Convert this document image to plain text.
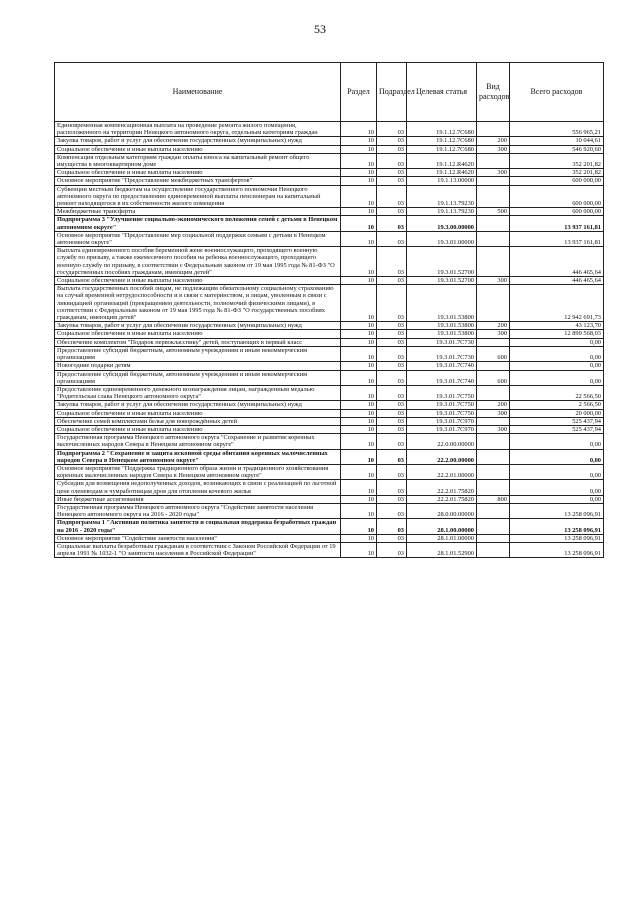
53
Наименование	Раздел	Подраздел	Целевая статья	Вид расходов	Всего расходов
Единовременная компенсационная выплата на проведение ремонта жилого помещения, расположенного на территории Ненецкого автономного округа, отдельным категориям граждан	10	03	19.1.12.7С680		556 965,21
Закупка товаров, работ и услуг для обеспечения государственных (муниципальных) нужд	10	03	19.1.12.7С680	200	10 044,61
Социальное обеспечение и иные выплаты населению	10	03	19.1.12.7С680	300	546 920,60
Компенсация отдельным категориям граждан оплаты взноса на капитальный ремонт общего имущества в многоквартирном доме	10	03	19.1.12.R4620		352 201,82
Социальное обеспечение и иные выплаты населению	10	03	19.1.12.R4620	300	352 201,82
Основное мероприятие "Предоставление межбюджетных трансфертов"	10	03	19.1.13.00000		600 000,00
Субвенции местным бюджетам на осуществление государственного полномочия Ненецкого автономного округа по предоставлению единовременной выплаты пенсионерам на капитальный ремонт находящегося в их собственности жилого помещения	10	03	19.1.13.79230		600 000,00
Межбюджетные трансферты	10	03	19.1.13.79230	500	600 000,00
Подпрограмма 3 "Улучшение социально-экономического положения семей с детьми в Ненецком автономном округе"	10	03	19.3.00.00000		13 937 161,81
Основное мероприятие "Предоставление мер социальной поддержки семьям с детьми в Ненецком автономном округе"	10	03	19.3.01.00000		13 937 161,81
Выплата единовременного пособия беременной жене военнослужащего, проходящего военную службу по призыву, а также ежемесячного пособия на ребенка военнослужащего, проходящего военную службу по призыву, в соответствии с Федеральным законом от 19 мая 1995 года № 81-ФЗ "О государственных пособиях гражданам, имеющим детей"	10	03	19.3.01.52700		446 465,64
Социальное обеспечение и иные выплаты населению	10	03	19.3.01.52700	300	446 465,64
Выплата государственных пособий лицам, не подлежащим обязательному социальному страхованию на случай временной нетрудоспособности и в связи с материнством, и лицам, уволенным в связи с ликвидацией организаций (прекращением деятельности, полномочий физическими лицами), в соответствии с Федеральным законом от 19 мая 1995 года № 81-ФЗ "О государственных пособиях гражданам, имеющим детей"	10	03	19.3.01.53800		12 942 691,73
Закупка товаров, работ и услуг для обеспечения государственных (муниципальных) нужд	10	03	19.3.01.53800	200	43 123,70
Социальное обеспечение и иные выплаты населению	10	03	19.3.01.53800	300	12 899 568,03
Обеспечение комплектом "Подарок первокласснику" детей, поступающих в первый класс	10	03	19.3.01.7С730		0,00
Предоставление субсидий бюджетным, автономным учреждениям и иным некоммерческим организациям	10	03	19.3.01.7С730	600	0,00
Новогодние подарки детям	10	03	19.3.01.7С740		0,00
Предоставление субсидий бюджетным, автономным учреждениям и иным некоммерческим организациям	10	03	19.3.01.7С740	600	0,00
Предоставление единовременного денежного вознаграждения лицам, награжденным медалью "Родительская слава Ненецкого автономного округа"	10	03	19.3.01.7С750		22 566,50
Закупка товаров, работ и услуг для обеспечения государственных (муниципальных) нужд	10	03	19.3.01.7С750	200	2 566,50
Социальное обеспечение и иные выплаты населению	10	03	19.3.01.7С750	300	20 000,00
Обеспечение семей комплектами белья для новорождённых детей	10	03	19.3.01.7С970		525 437,94
Социальное обеспечение и иные выплаты населению	10	03	19.3.01.7С970	300	525 437,94
Государственная программа Ненецкого автономного округа "Сохранение и развитие коренных малочисленных народов Севера в Ненецком автономном округе"	10	03	22.0.00.00000		0,00
Подпрограмма 2 "Сохранение и защита исконной среды обитания коренных малочисленных народов Севера в Ненецком автономном округе"	10	03	22.2.00.00000		0,00
Основное мероприятие "Поддержка традиционного образа жизни и традиционного хозяйствования коренных малочисленных народов Севера в Ненецком автономном округе"	10	03	22.2.01.00000		0,00
Субсидии для возмещения недополученных доходов, возникающих в связи с реализацией по льготной цене оленеводам и чумработницам дров для отопления кочевого жилья	10	03	22.2.01.75820		0,00
Иные бюджетные ассигнования	10	03	22.2.01.75820	800	0,00
Государственная программа Ненецкого автономного округа "Содействие занятости населения Ненецкого автономного округа на 2016 - 2020 годы"	10	03	28.0.00.00000		13 258 096,91
Подпрограмма 1 "Активная политика занятости и социальная поддержка безработных граждан на 2016 - 2020 годы"	10	03	28.1.00.00000		13 258 096,91
Основное мероприятие "Содействие занятости населения"	10	03	28.1.01.00000		13 258 096,91
Социальные выплаты безработным гражданам в соответствии с Законом Российской Федерации от 19 апреля 1991 № 1032-1 "О занятости населения в Российской Федерации"	10	03	28.1.01.52900		13 258 096,91
